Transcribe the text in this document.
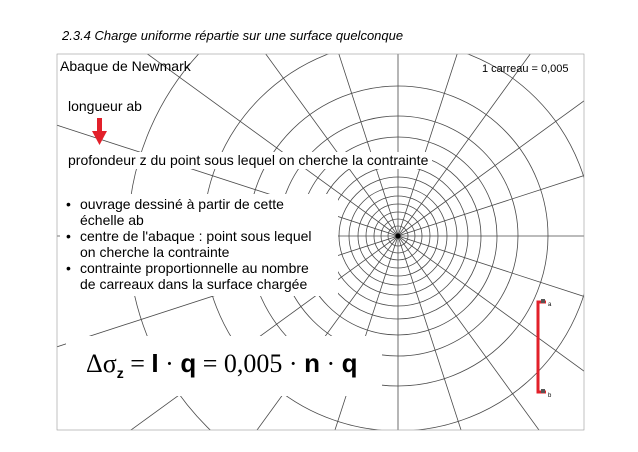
a
b
2.3.4 Charge uniforme répartie sur une surface quelconque
Abaque de Newmark	1 carreau = 0,005
longueur ab
profondeur z du point sous lequel on cherche la contrainte
• ouvrage dessiné à partir de cette
échelle ab
• centre de l'abaque : point sous lequel
on cherche la contrainte
• contrainte proportionnelle au nombre
de carreaux dans la surface chargée
$\Delta\sigma_z = I \cdot q = 0,005 \cdot n \cdot q$
